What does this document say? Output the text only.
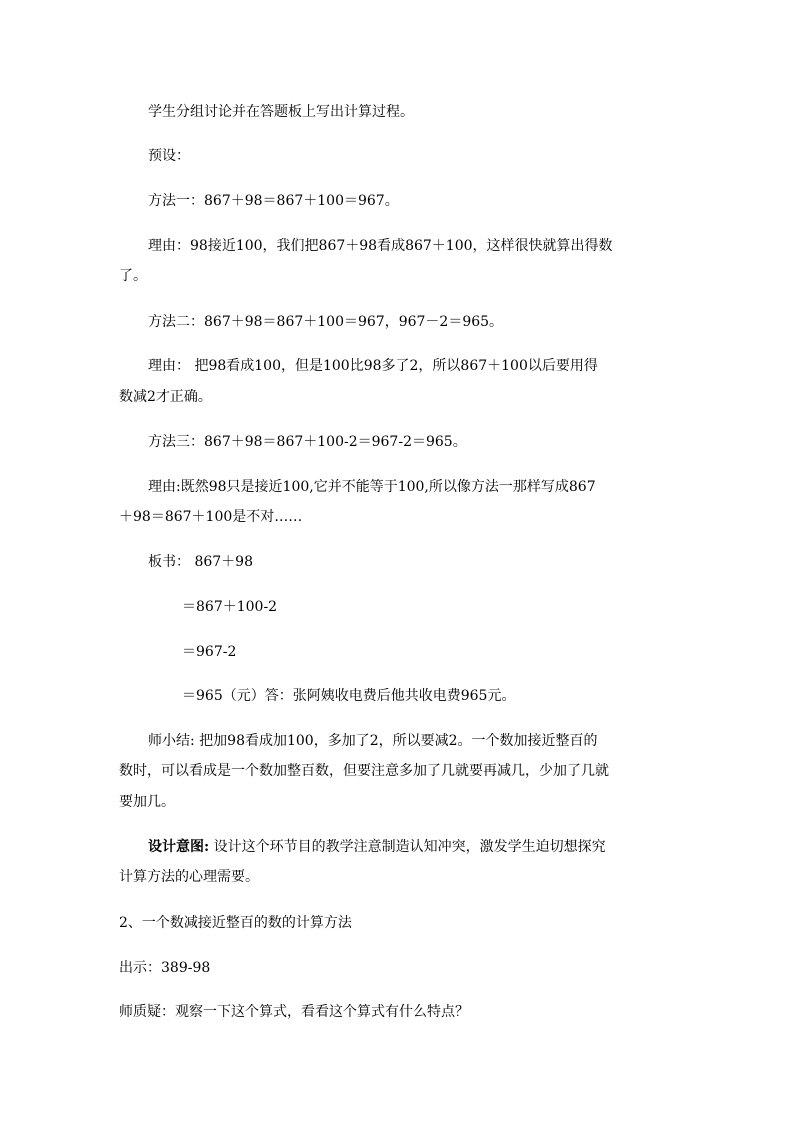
学生分组讨论并在答题板上写出计算过程。
预设：
方法一：867＋98＝867＋100＝967。
理由：98接近100，我们把867＋98看成867＋100，这样很快就算出得数
了。
方法二：867＋98＝867＋100＝967，967－2＝965。
理由： 把98看成100，但是100比98多了2，所以867＋100以后要用得
数减2才正确。
方法三：867＋98＝867＋100-2＝967-2＝965。
理由:既然98只是接近100,它并不能等于100,所以像方法一那样写成867
＋98＝867＋100是不对……
板书： 867＋98
＝867＋100-2
＝967-2
＝965（元）答：张阿姨收电费后他共收电费965元。
师小结: 把加98看成加100，多加了2，所以要减2。一个数加接近整百的
数时，可以看成是一个数加整百数，但要注意多加了几就要再减几，少加了几就
要加几。
设计意图: 设计这个环节目的教学注意制造认知冲突，激发学生迫切想探究
计算方法的心理需要。
2、一个数减接近整百的数的计算方法
出示：389-98
师质疑：观察一下这个算式，看看这个算式有什么特点？
